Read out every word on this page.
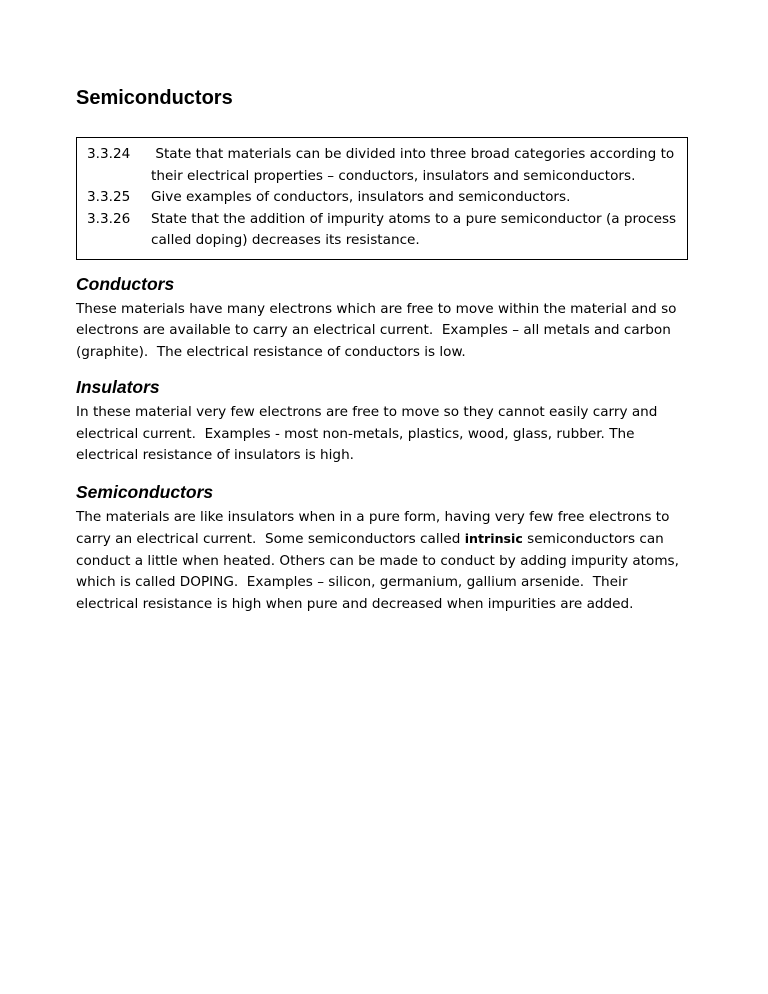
Semiconductors
3.3.24	State that materials can be divided into three broad categories according to their electrical properties – conductors, insulators and semiconductors.
3.3.25	Give examples of conductors, insulators and semiconductors.
3.3.26	State that the addition of impurity atoms to a pure semiconductor (a process called doping) decreases its resistance.
Conductors

These materials have many electrons which are free to move within the material and so electrons are available to carry an electrical current.  Examples – all metals and carbon (graphite).  The electrical resistance of conductors is low.

Insulators

In these material very few electrons are free to move so they cannot easily carry and electrical current.  Examples - most non-metals, plastics, wood, glass, rubber. The electrical resistance of insulators is high.

Semiconductors

The materials are like insulators when in a pure form, having very few free electrons to carry an electrical current.  Some semiconductors called intrinsic semiconductors can conduct a little when heated. Others can be made to conduct by adding impurity atoms, which is called DOPING.  Examples – silicon, germanium, gallium arsenide.  Their electrical resistance is high when pure and decreased when impurities are added.
